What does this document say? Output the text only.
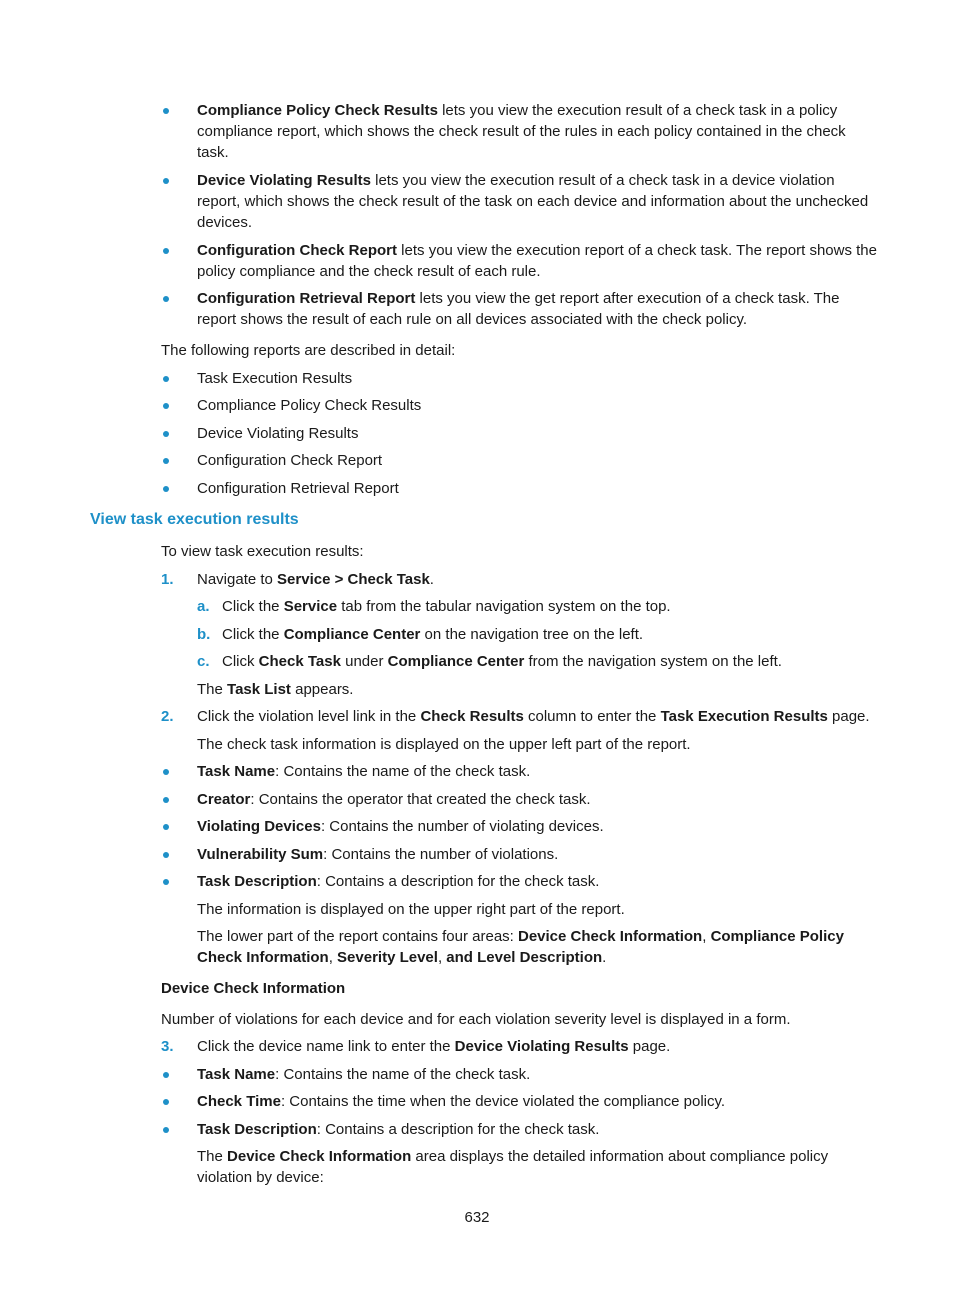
Compliance Policy Check Results lets you view the execution result of a check task in a policy compliance report, which shows the check result of the rules in each policy contained in the check task.
Device Violating Results lets you view the execution result of a check task in a device violation report, which shows the check result of the task on each device and information about the unchecked devices.
Configuration Check Report lets you view the execution report of a check task. The report shows the policy compliance and the check result of each rule.
Configuration Retrieval Report lets you view the get report after execution of a check task. The report shows the result of each rule on all devices associated with the check policy.
The following reports are described in detail:
Task Execution Results
Compliance Policy Check Results
Device Violating Results
Configuration Check Report
Configuration Retrieval Report
View task execution results
To view task execution results:
1. Navigate to Service > Check Task.
a. Click the Service tab from the tabular navigation system on the top.
b. Click the Compliance Center on the navigation tree on the left.
c. Click Check Task under Compliance Center from the navigation system on the left.
The Task List appears.
2. Click the violation level link in the Check Results column to enter the Task Execution Results page.
The check task information is displayed on the upper left part of the report.
Task Name: Contains the name of the check task.
Creator: Contains the operator that created the check task.
Violating Devices: Contains the number of violating devices.
Vulnerability Sum: Contains the number of violations.
Task Description: Contains a description for the check task.
The information is displayed on the upper right part of the report.
The lower part of the report contains four areas: Device Check Information, Compliance Policy Check Information, Severity Level, and Level Description.
Device Check Information
Number of violations for each device and for each violation severity level is displayed in a form.
3. Click the device name link to enter the Device Violating Results page.
Task Name: Contains the name of the check task.
Check Time: Contains the time when the device violated the compliance policy.
Task Description: Contains a description for the check task.
The Device Check Information area displays the detailed information about compliance policy violation by device:
632
